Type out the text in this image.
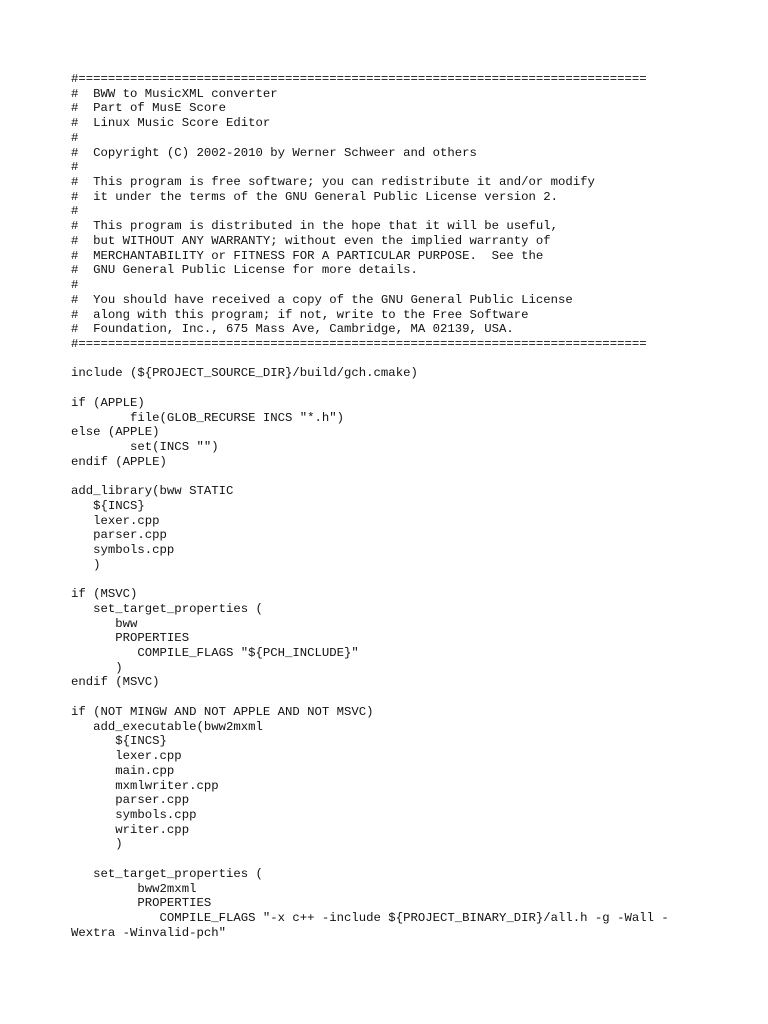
#=============================================================================
#  BWW to MusicXML converter
#  Part of MusE Score
#  Linux Music Score Editor
#
#  Copyright (C) 2002-2010 by Werner Schweer and others
#
#  This program is free software; you can redistribute it and/or modify
#  it under the terms of the GNU General Public License version 2.
#
#  This program is distributed in the hope that it will be useful,
#  but WITHOUT ANY WARRANTY; without even the implied warranty of
#  MERCHANTABILITY or FITNESS FOR A PARTICULAR PURPOSE.  See the
#  GNU General Public License for more details.
#
#  You should have received a copy of the GNU General Public License
#  along with this program; if not, write to the Free Software
#  Foundation, Inc., 675 Mass Ave, Cambridge, MA 02139, USA.
#=============================================================================
include (${PROJECT_SOURCE_DIR}/build/gch.cmake)
if (APPLE)
file(GLOB_RECURSE INCS "*.h")
else (APPLE)
set(INCS "")
endif (APPLE)
add_library(bww STATIC
${INCS}
lexer.cpp
parser.cpp
symbols.cpp
)
if (MSVC)
set_target_properties (
bww
PROPERTIES
COMPILE_FLAGS "${PCH_INCLUDE}"
)
endif (MSVC)
if (NOT MINGW AND NOT APPLE AND NOT MSVC)
add_executable(bww2mxml
${INCS}
lexer.cpp
main.cpp
mxmlwriter.cpp
parser.cpp
symbols.cpp
writer.cpp
)
set_target_properties (
bww2mxml
PROPERTIES
COMPILE_FLAGS "-x c++ -include ${PROJECT_BINARY_DIR}/all.h -g -Wall -
Wextra -Winvalid-pch"
